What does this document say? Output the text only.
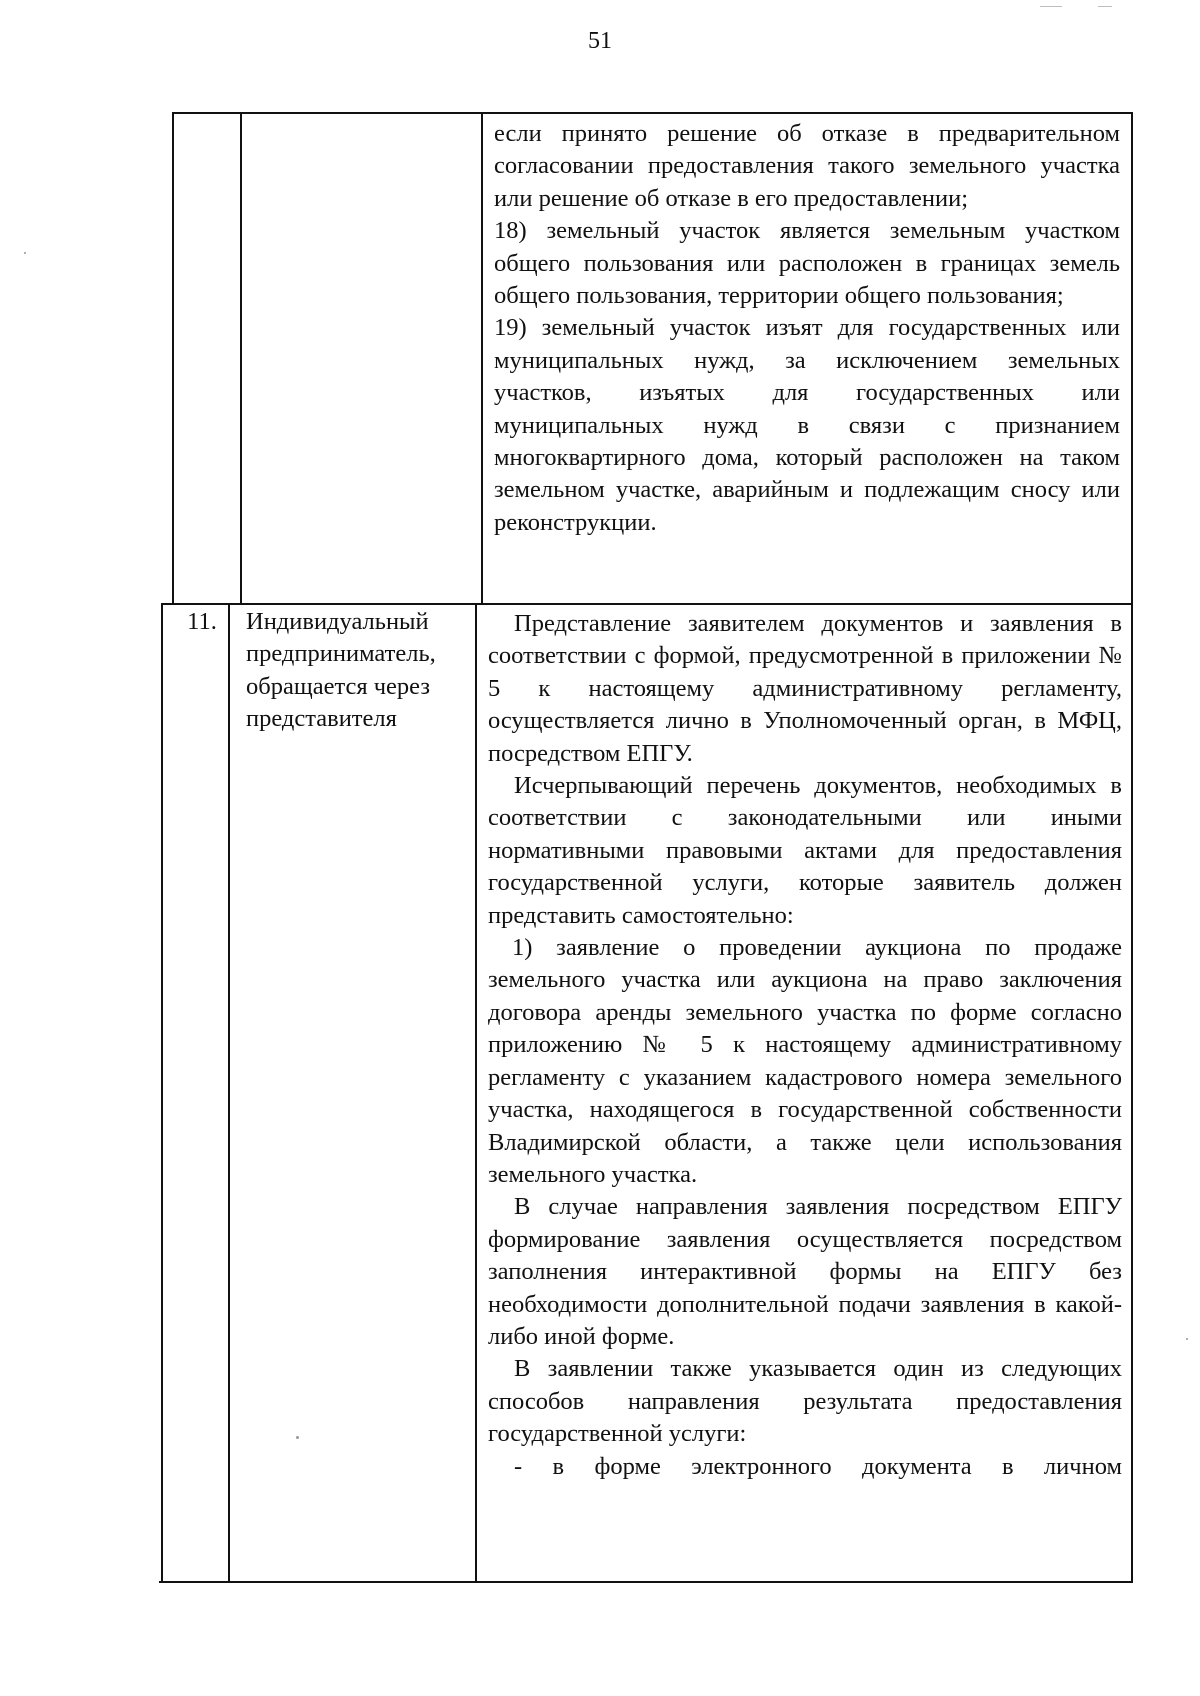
51

если принято решение об отказе в предварительном согласовании предоставления такого земельного участка или решение об отказе в его предоставлении;

18) земельный участок является земельным участком общего пользования или расположен в границах земель общего пользования, территории общего пользования;

19) земельный участок изъят для государственных или муниципальных нужд, за исключением земельных участков, изъятых для государственных или муниципальных нужд в связи с признанием многоквартирного дома, который расположен на таком земельном участке, аварийным и подлежащим сносу или реконструкции.

11.	Индивидуальный предприниматель, обращается через представителя

Представление заявителем документов и заявления в соответствии с формой, предусмотренной в приложении № 5 к настоящему административному регламенту, осуществляется лично в Уполномоченный орган, в МФЦ, посредством ЕПГУ.

Исчерпывающий перечень документов, необходимых в соответствии с законодательными или иными нормативными правовыми актами для предоставления государственной услуги, которые заявитель должен представить самостоятельно:

1) заявление о проведении аукциона по продаже земельного участка или аукциона на право заключения договора аренды земельного участка по форме согласно приложению № 5 к настоящему административному регламенту с указанием кадастрового номера земельного участка, находящегося в государственной собственности Владимирской области, а также цели использования земельного участка.

В случае направления заявления посредством ЕПГУ формирование заявления осуществляется посредством заполнения интерактивной формы на ЕПГУ без необходимости дополнительной подачи заявления в какой-либо иной форме.

В заявлении также указывается один из следующих способов направления результата предоставления государственной услуги:

- в форме электронного документа в личном
